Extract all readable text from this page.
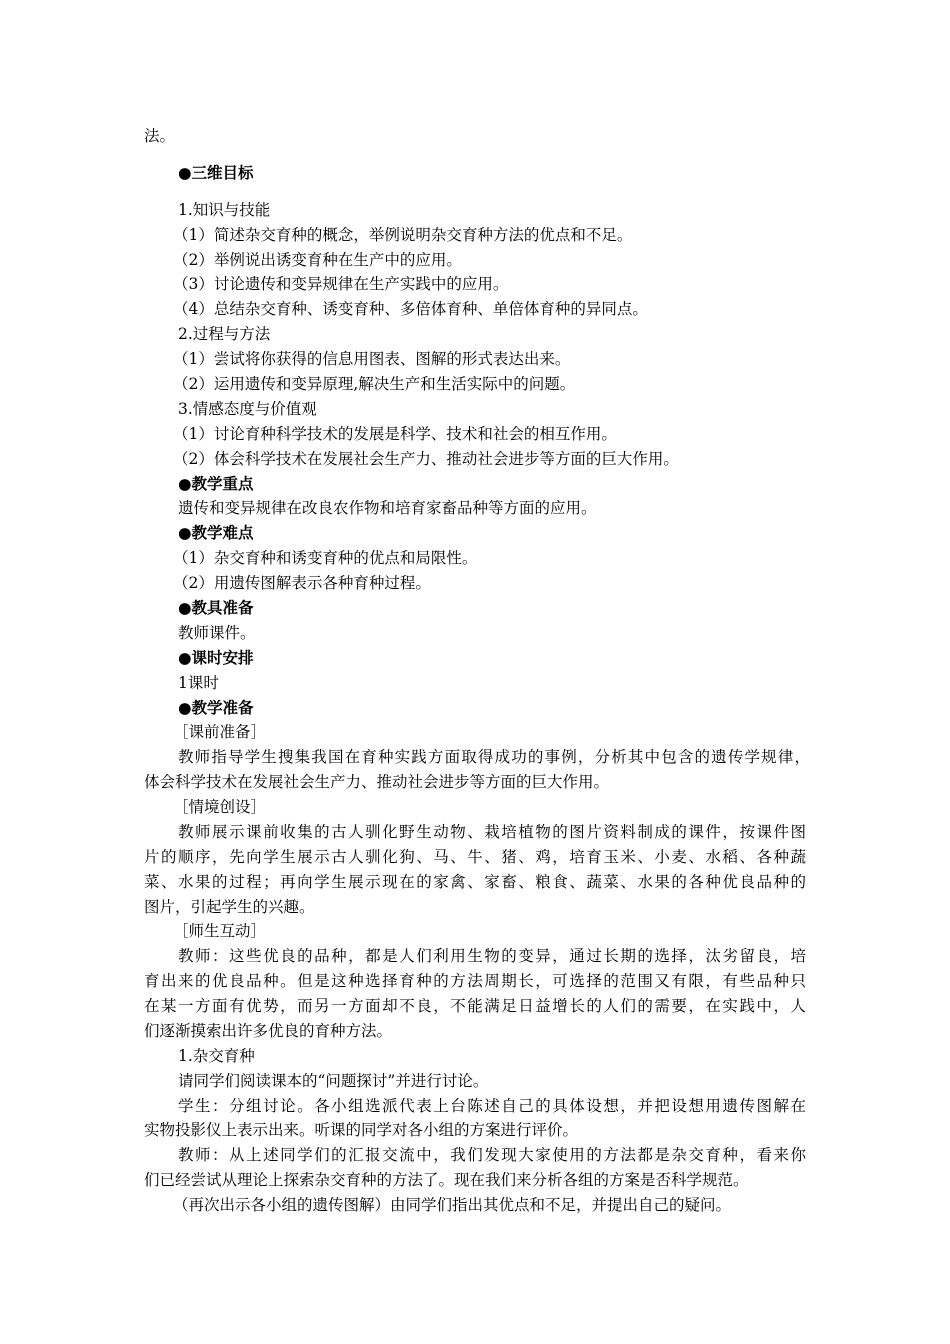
法。
●三维目标
1.知识与技能
（1）简述杂交育种的概念，举例说明杂交育种方法的优点和不足。
（2）举例说出诱变育种在生产中的应用。
（3）讨论遗传和变异规律在生产实践中的应用。
（4）总结杂交育种、诱变育种、多倍体育种、单倍体育种的异同点。
2.过程与方法
（1）尝试将你获得的信息用图表、图解的形式表达出来。
（2）运用遗传和变异原理,解决生产和生活实际中的问题。
3.情感态度与价值观
（1）讨论育种科学技术的发展是科学、技术和社会的相互作用。
（2）体会科学技术在发展社会生产力、推动社会进步等方面的巨大作用。
●教学重点
遗传和变异规律在改良农作物和培育家畜品种等方面的应用。
●教学难点
（1）杂交育种和诱变育种的优点和局限性。
（2）用遗传图解表示各种育种过程。
●教具准备
教师课件。
●课时安排
1课时
●教学准备
［课前准备］
教师指导学生搜集我国在育种实践方面取得成功的事例，分析其中包含的遗传学规律，
体会科学技术在发展社会生产力、推动社会进步等方面的巨大作用。
［情境创设］
教师展示课前收集的古人驯化野生动物、栽培植物的图片资料制成的课件，按课件图
片的顺序，先向学生展示古人驯化狗、马、牛、猪、鸡，培育玉米、小麦、水稻、各种蔬
菜、水果的过程；再向学生展示现在的家禽、家畜、粮食、蔬菜、水果的各种优良品种的
图片，引起学生的兴趣。
［师生互动］
教师：这些优良的品种，都是人们利用生物的变异，通过长期的选择，汰劣留良，培
育出来的优良品种。但是这种选择育种的方法周期长，可选择的范围又有限，有些品种只
在某一方面有优势，而另一方面却不良，不能满足日益增长的人们的需要，在实践中，人
们逐渐摸索出许多优良的育种方法。
1.杂交育种
请同学们阅读课本的“问题探讨”并进行讨论。
学生：分组讨论。各小组选派代表上台陈述自己的具体设想，并把设想用遗传图解在
实物投影仪上表示出来。听课的同学对各小组的方案进行评价。
教师：从上述同学们的汇报交流中，我们发现大家使用的方法都是杂交育种，看来你
们已经尝试从理论上探索杂交育种的方法了。现在我们来分析各组的方案是否科学规范。
（再次出示各小组的遗传图解）由同学们指出其优点和不足，并提出自己的疑问。
